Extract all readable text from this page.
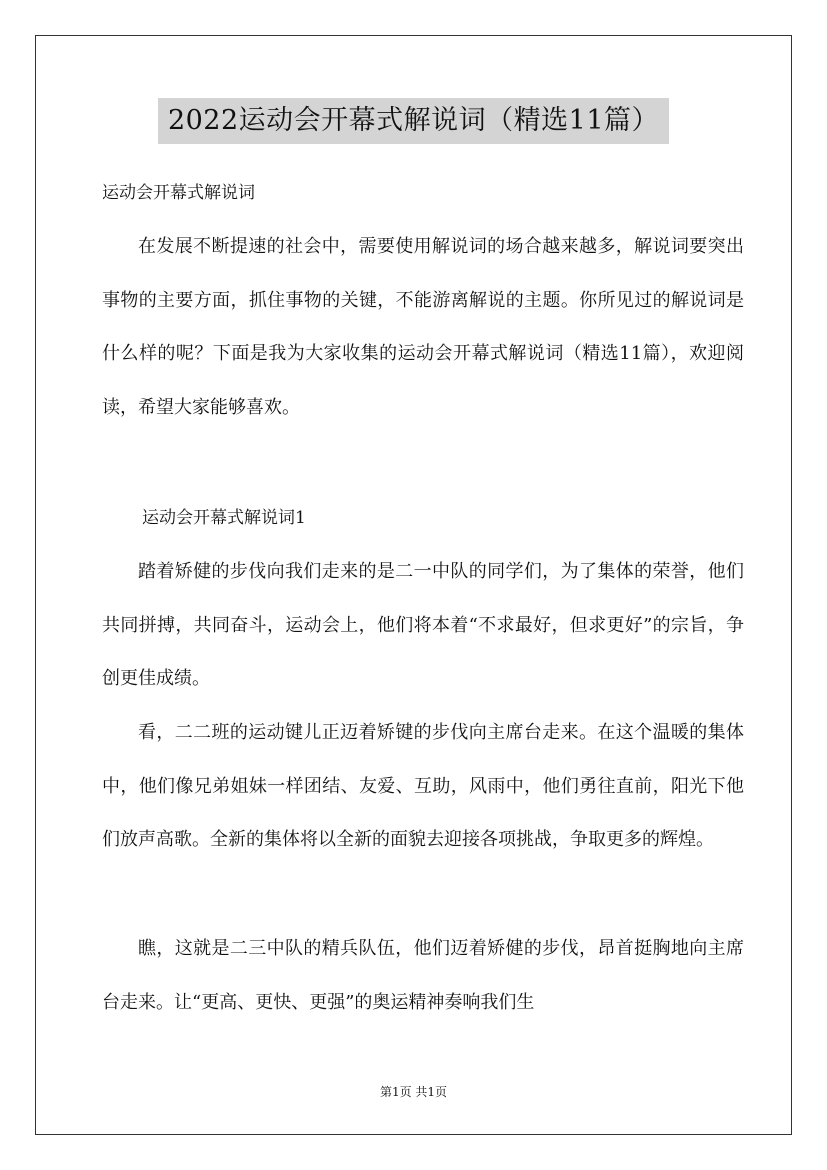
2022运动会开幕式解说词（精选11篇）
运动会开幕式解说词

在发展不断提速的社会中，需要使用解说词的场合越来越多，解说词要突出事物的主要方面，抓住事物的关键，不能游离解说的主题。你所见过的解说词是什么样的呢？下面是我为大家收集的运动会开幕式解说词（精选11篇），欢迎阅读，希望大家能够喜欢。

运动会开幕式解说词1

踏着矫健的步伐向我们走来的是二一中队的同学们，为了集体的荣誉，他们共同拼搏，共同奋斗，运动会上，他们将本着“不求最好，但求更好”的宗旨，争创更佳成绩。

看，二二班的运动键儿正迈着矫键的步伐向主席台走来。在这个温暖的集体中，他们像兄弟姐妹一样团结、友爱、互助，风雨中，他们勇往直前，阳光下他们放声高歌。全新的集体将以全新的面貌去迎接各项挑战，争取更多的辉煌。

瞧，这就是二三中队的精兵队伍，他们迈着矫健的步伐，昂首挺胸地向主席台走来。让“更高、更快、更强”的奥运精神奏响我们生

第1页 共1页
